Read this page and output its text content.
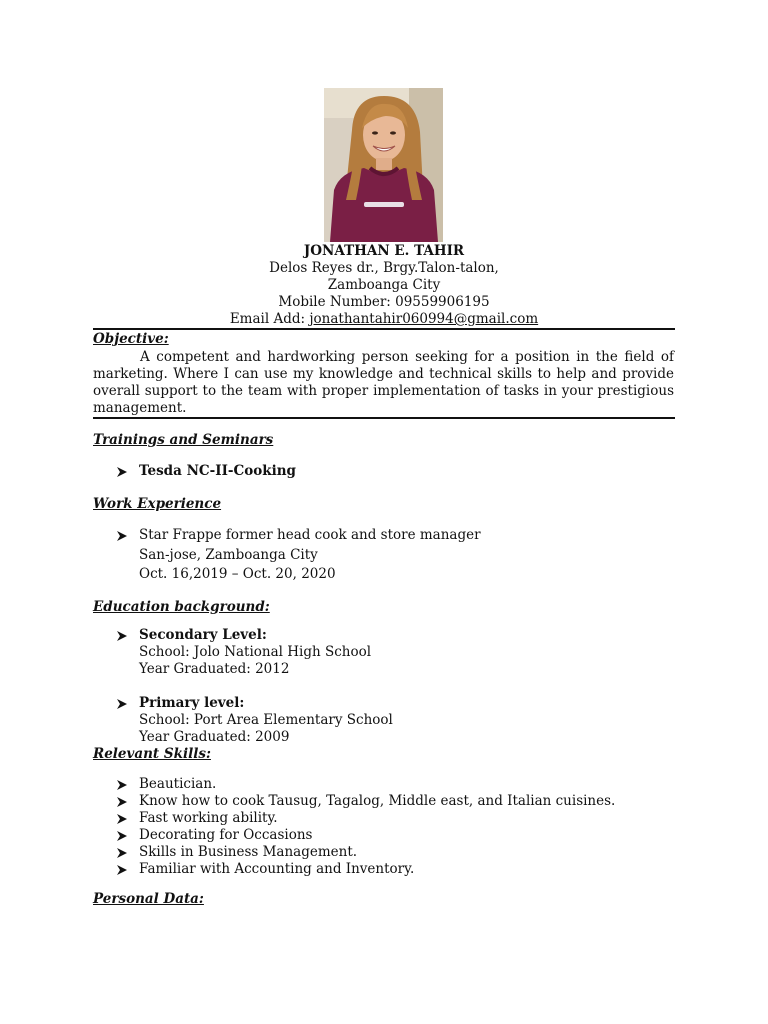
JONATHAN E. TAHIR
Delos Reyes dr., Brgy.Talon-talon,
Zamboanga City
Mobile Number: 09559906195
Email Add: jonathantahir060994@gmail.com
Objective:
A competent and hardworking person seeking for a position in the field of marketing. Where I can use my knowledge and technical skills to help and provide overall support to the team with proper implementation of tasks in your prestigious management.
Trainings and Seminars
Tesda NC-II-Cooking
Work Experience
Star Frappe former head cook and store manager
San-jose, Zamboanga City
Oct. 16,2019 – Oct. 20, 2020
Education background:
Secondary Level:
School: Jolo National High School
Year Graduated: 2012
Primary level:
School: Port Area Elementary School
Year Graduated: 2009
Relevant Skills:
Beautician.
Know how to cook Tausug, Tagalog, Middle east, and Italian cuisines.
Fast working ability.
Decorating for Occasions
Skills in Business Management.
Familiar with Accounting and Inventory.
Personal Data:
